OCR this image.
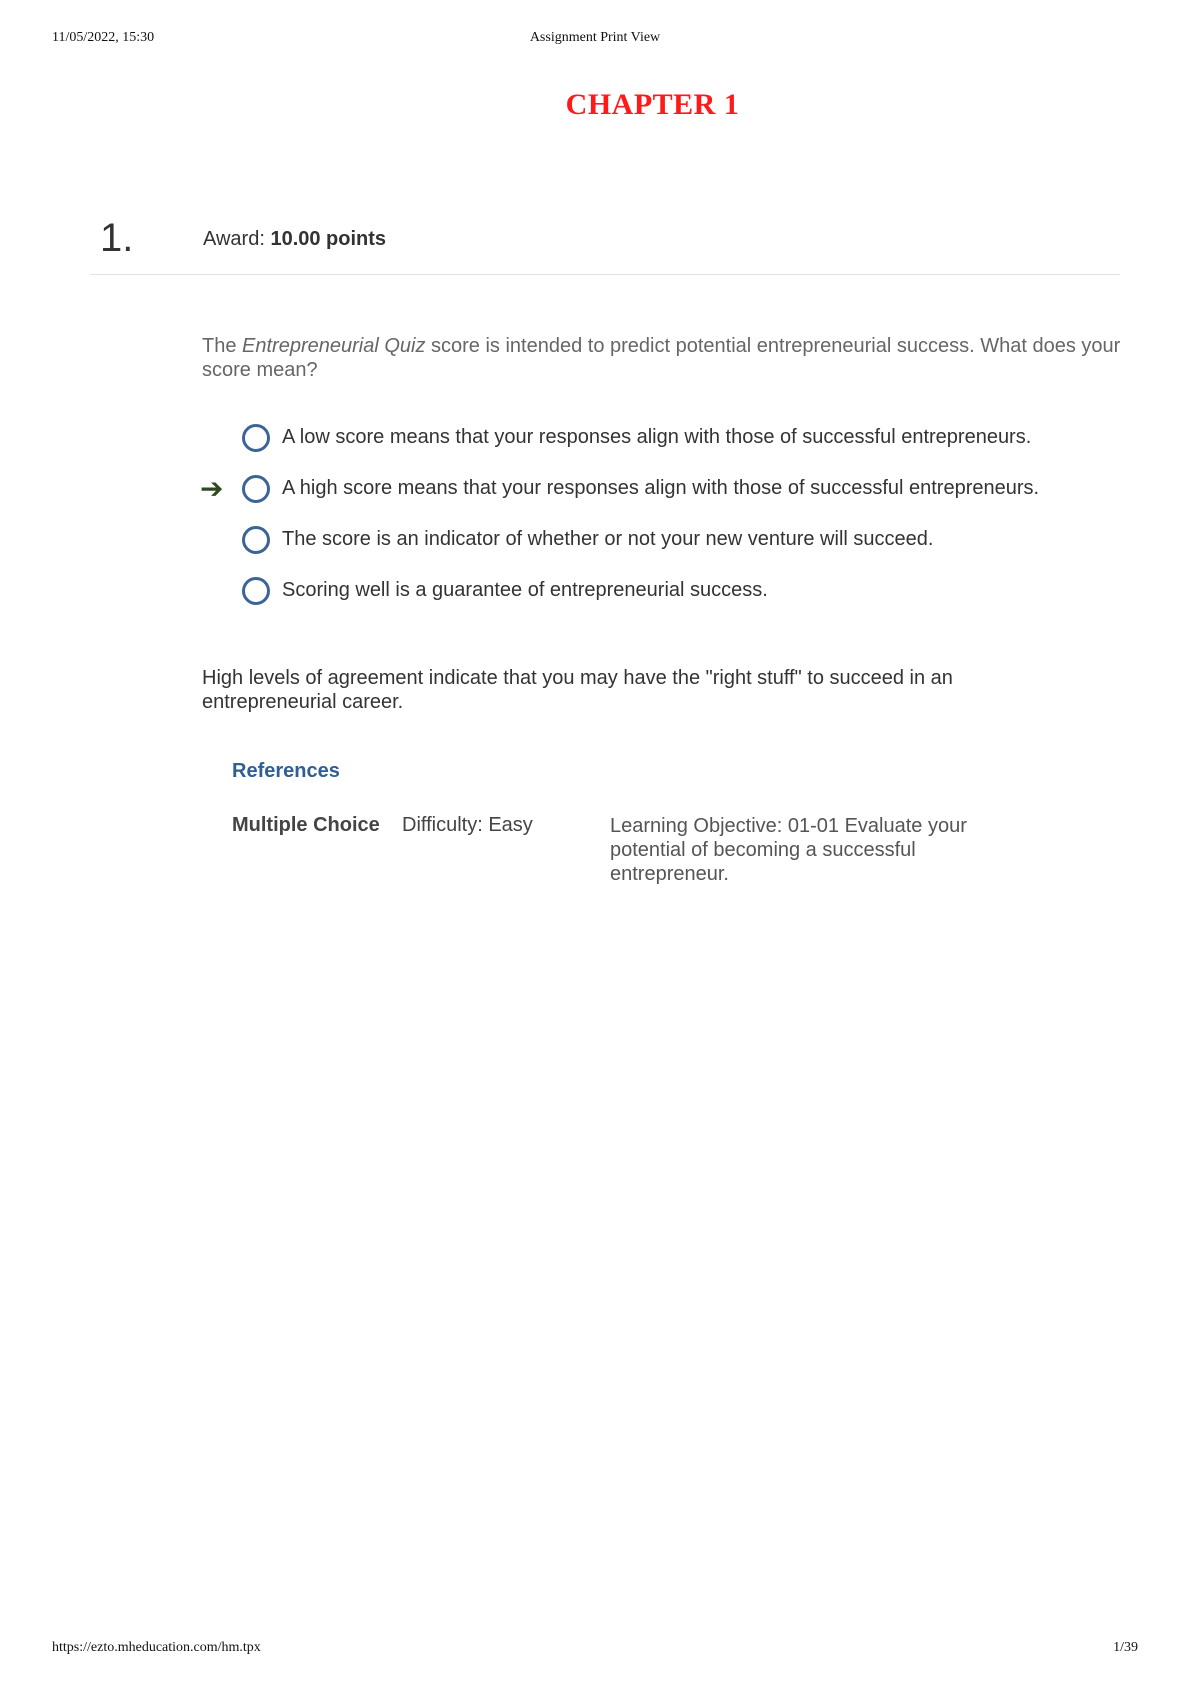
11/05/2022, 15:30	Assignment Print View
CHAPTER 1
1.	Award: 10.00 points
The Entrepreneurial Quiz score is intended to predict potential entrepreneurial success. What does your score mean?
A low score means that your responses align with those of successful entrepreneurs.
➔	A high score means that your responses align with those of successful entrepreneurs.
The score is an indicator of whether or not your new venture will succeed.
Scoring well is a guarantee of entrepreneurial success.
High levels of agreement indicate that you may have the "right stuff" to succeed in an entrepreneurial career.
References
Multiple Choice Difficulty: Easy	Learning Objective: 01-01 Evaluate your potential of becoming a successful entrepreneur.
https://ezto.mheducation.com/hm.tpx	1/39
